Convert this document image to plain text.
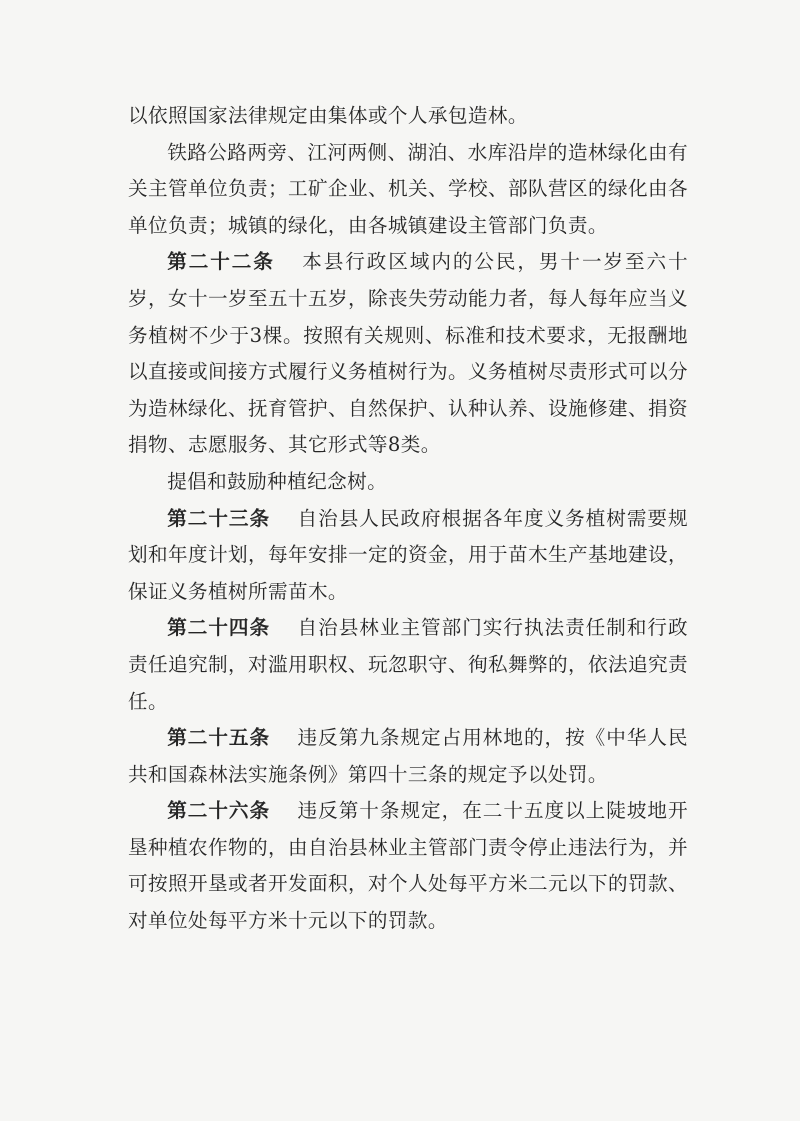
以依照国家法律规定由集体或个人承包造林。

铁路公路两旁、江河两侧、湖泊、水库沿岸的造林绿化由有关主管单位负责；工矿企业、机关、学校、部队营区的绿化由各单位负责；城镇的绿化，由各城镇建设主管部门负责。

第二十二条 本县行政区域内的公民，男十一岁至六十岁，女十一岁至五十五岁，除丧失劳动能力者，每人每年应当义务植树不少于3棵。按照有关规则、标准和技术要求，无报酬地以直接或间接方式履行义务植树行为。义务植树尽责形式可以分为造林绿化、抚育管护、自然保护、认种认养、设施修建、捐资捐物、志愿服务、其它形式等8类。

提倡和鼓励种植纪念树。

第二十三条 自治县人民政府根据各年度义务植树需要规划和年度计划，每年安排一定的资金，用于苗木生产基地建设，保证义务植树所需苗木。

第二十四条 自治县林业主管部门实行执法责任制和行政责任追究制，对滥用职权、玩忽职守、徇私舞弊的，依法追究责任。

第二十五条 违反第九条规定占用林地的，按《中华人民共和国森林法实施条例》第四十三条的规定予以处罚。

第二十六条 违反第十条规定，在二十五度以上陡坡地开垦种植农作物的，由自治县林业主管部门责令停止违法行为，并可按照开垦或者开发面积，对个人处每平方米二元以下的罚款、对单位处每平方米十元以下的罚款。
